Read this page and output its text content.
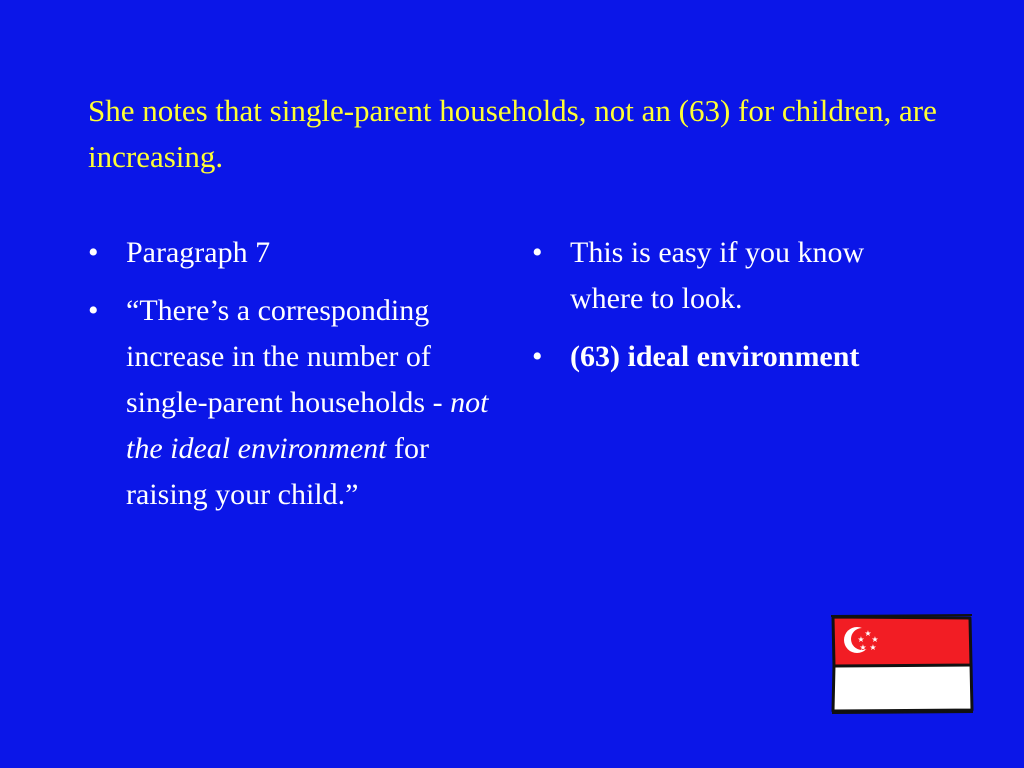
She notes that single-parent households, not an (63) for children, are increasing.
• Paragraph 7
• “There’s a corresponding increase in the number of single-parent households - not the ideal environment for raising your child.”
• This is easy if you know where to look.
• (63) ideal environment
★
★ ★
★ ★
